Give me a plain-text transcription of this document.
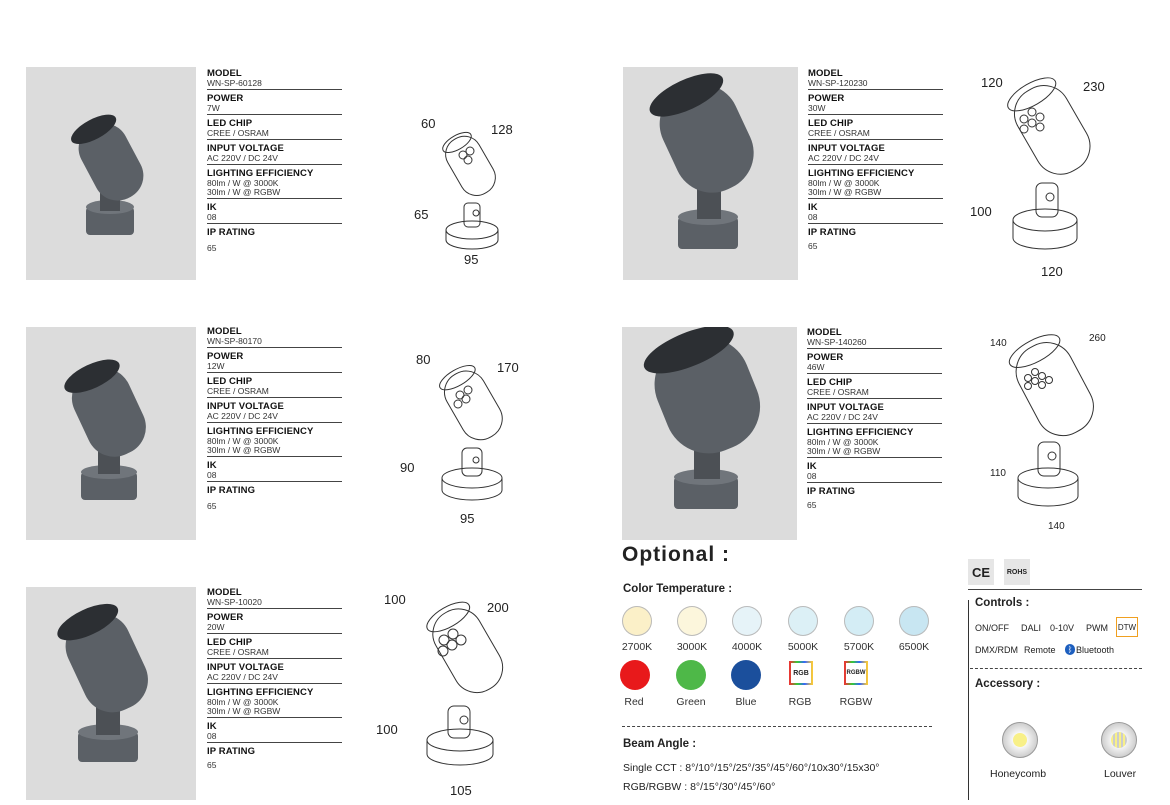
MODEL
WN-SP-60128
POWER
7W
LED CHIP
CREE / OSRAM
INPUT VOLTAGE
AC 220V / DC 24V
LIGHTING EFFICIENCY
80lm / W @ 3000K
30lm / W @ RGBW
IK
08
IP RATING
65
60	128
65
95
MODEL
WN-SP-80170
POWER
12W
LED CHIP
CREE / OSRAM
INPUT VOLTAGE
AC 220V / DC 24V
LIGHTING EFFICIENCY
80lm / W @ 3000K
30lm / W @ RGBW
IK
08
IP RATING
65
80
170
90
95
MODEL
WN-SP-10020
POWER
20W
LED CHIP
CREE / OSRAM
INPUT VOLTAGE
AC 220V / DC 24V
LIGHTING EFFICIENCY
80lm / W @ 3000K
30lm / W @ RGBW
IK
08
IP RATING
65
100
200
100
105
MODEL
WN-SP-120230
POWER
30W
LED CHIP
CREE / OSRAM
INPUT VOLTAGE
AC 220V / DC 24V
LIGHTING EFFICIENCY
80lm / W @ 3000K
30lm / W @ RGBW
IK
08
IP RATING
65
120	230
100
120
MODEL
WN-SP-140260
POWER
46W
LED CHIP
CREE / OSRAM
INPUT VOLTAGE
AC 220V / DC 24V
LIGHTING EFFICIENCY
80lm / W @ 3000K
30lm / W @ RGBW
IK
08
IP RATING
65
140	260
110
140
Optional :
Color Temperature :
2700K	3000K	4000K	5000K	5700K	6500K
RGB	RGBW
Red	Green	Blue	RGB	RGBW
Beam Angle :
Single CCT : 8°/10°/15°/25°/35°/45°/60°/10x30°/15x30°
RGB/RGBW : 8°/15°/30°/45°/60°
CE	ROHS
Controls :
ON/OFF DALI 0-10V PWM DTW
DMX/RDM Remote	ᛒ Bluetooth
Accessory :
Honeycomb	Louver
